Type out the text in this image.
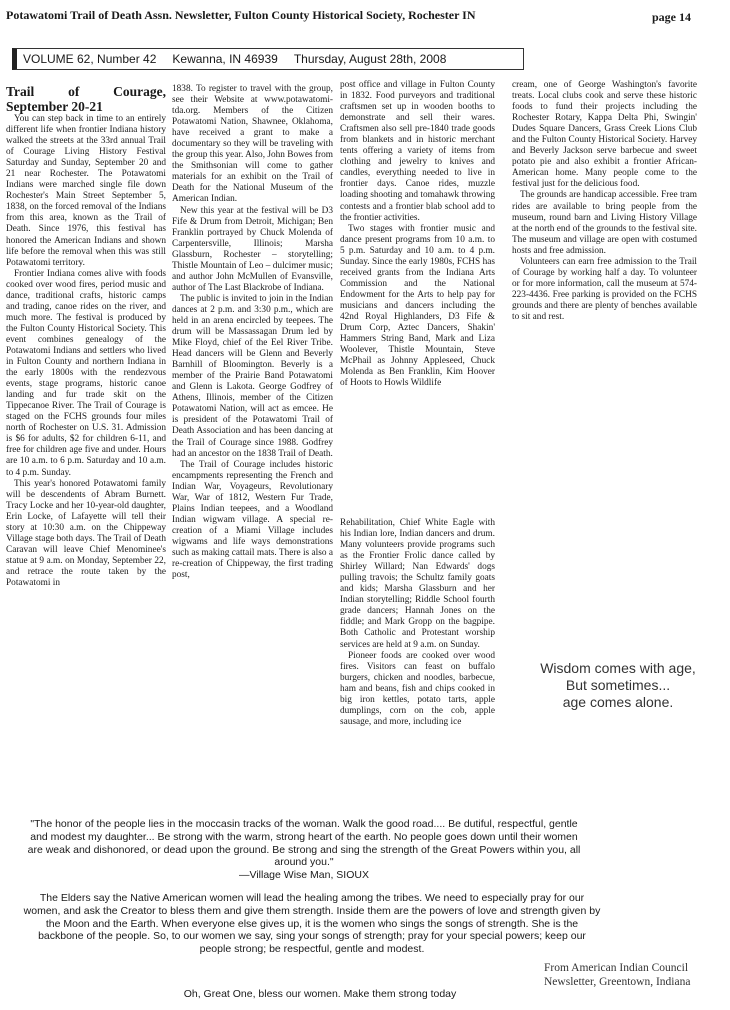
Potawatomi Trail of Death Assn. Newsletter, Fulton County Historical Society, Rochester IN	page 14
VOLUME 62, Number 42 Kewanna, IN 46939 Thursday, August 28th, 2008

Trail of Courage, September 20-21

You can step back in time to an entirely different life when frontier Indiana history walked the streets at the 33rd annual Trail of Courage Living History Festival Saturday and Sunday, September 20 and 21 near Rochester. The Potawatomi Indians were marched single file down Rochester's Main Street September 5, 1838, on the forced removal of the Indians from this area, known as the Trail of Death. Since 1976, this festival has honored the American Indians and shown life before the removal when this was still Potawatomi territory.

Frontier Indiana comes alive with foods cooked over wood fires, period music and dance, traditional crafts, historic camps and trading, canoe rides on the river, and much more. The festival is produced by the Fulton County Historical Society. This event combines genealogy of the Potawatomi Indians and settlers who lived in Fulton County and northern Indiana in the early 1800s with the rendezvous events, stage programs, historic canoe landing and fur trade skit on the Tippecanoe River. The Trail of Courage is staged on the FCHS grounds four miles north of Rochester on U.S. 31. Admission is $6 for adults, $2 for children 6-11, and free for children age five and under. Hours are 10 a.m. to 6 p.m. Saturday and 10 a.m. to 4 p.m. Sunday.

This year's honored Potawatomi family will be descendents of Abram Burnett. Tracy Locke and her 10-year-old daughter, Erin Locke, of Lafayette will tell their story at 10:30 a.m. on the Chippeway Village stage both days. The Trail of Death Caravan will leave Chief Menominee's statue at 9 a.m. on Monday, September 22, and retrace the route taken by the Potawatomi in

1838. To register to travel with the group, see their Website at www.potawatomi-tda.org. Members of the Citizen Potawatomi Nation, Shawnee, Oklahoma, have received a grant to make a documentary so they will be traveling with the group this year. Also, John Bowes from the Smithsonian will come to gather materials for an exhibit on the Trail of Death for the National Museum of the American Indian.

New this year at the festival will be D3 Fife & Drum from Detroit, Michigan; Ben Franklin portrayed by Chuck Molenda of Carpentersville, Illinois; Marsha Glassburn, Rochester – storytelling; Thistle Mountain of Leo – dulcimer music; and author John McMullen of Evansville, author of The Last Blackrobe of Indiana.

The public is invited to join in the Indian dances at 2 p.m. and 3:30 p.m., which are held in an arena encircled by teepees. The drum will be Massassagan Drum led by Mike Floyd, chief of the Eel River Tribe. Head dancers will be Glenn and Beverly Barnhill of Bloomington. Beverly is a member of the Prairie Band Potawatomi and Glenn is Lakota. George Godfrey of Athens, Illinois, member of the Citizen Potawatomi Nation, will act as emcee. He is president of the Potawatomi Trail of Death Association and has been dancing at the Trail of Courage since 1988. Godfrey had an ancestor on the 1838 Trail of Death.

The Trail of Courage includes historic encampments representing the French and Indian War, Voyageurs, Revolutionary War, War of 1812, Western Fur Trade, Plains Indian teepees, and a Woodland Indian wigwam village. A special re-creation of a Miami Village includes wigwams and life ways demonstrations such as making cattail mats. There is also a re-creation of Chippeway, the first trading post,

post office and village in Fulton County in 1832. Food purveyors and traditional craftsmen set up in wooden booths to demonstrate and sell their wares. Craftsmen also sell pre-1840 trade goods from blankets and in historic merchant tents offering a variety of items from clothing and jewelry to knives and candles, everything needed to live in frontier days. Canoe rides, muzzle loading shooting and tomahawk throwing contests and a frontier blab school add to the frontier activities.

Two stages with frontier music and dance present programs from 10 a.m. to 5 p.m. Saturday and 10 a.m. to 4 p.m. Sunday. Since the early 1980s, FCHS has received grants from the Indiana Arts Commission and the National Endowment for the Arts to help pay for musicians and dancers including the 42nd Royal Highlanders, D3 Fife & Drum Corp, Aztec Dancers, Shakin' Hammers String Band, Mark and Liza Woolever, Thistle Mountain, Steve McPhail as Johnny Appleseed, Chuck Molenda as Ben Franklin, Kim Hoover of Hoots to Howls Wildlife

Rehabilitation, Chief White Eagle with his Indian lore, Indian dancers and drum. Many volunteers provide programs such as the Frontier Frolic dance called by Shirley Willard; Nan Edwards' dogs pulling travois; the Schultz family goats and kids; Marsha Glassburn and her Indian storytelling; Riddle School fourth grade dancers; Hannah Jones on the fiddle; and Mark Gropp on the bagpipe. Both Catholic and Protestant worship services are held at 9 a.m. on Sunday.

Pioneer foods are cooked over wood fires. Visitors can feast on buffalo burgers, chicken and noodles, barbecue, ham and beans, fish and chips cooked in big iron kettles, potato tarts, apple dumplings, corn on the cob, apple sausage, and more, including ice

cream, one of George Washington's favorite treats. Local clubs cook and serve these historic foods to fund their projects including the Rochester Rotary, Kappa Delta Phi, Swingin' Dudes Square Dancers, Grass Creek Lions Club and the Fulton County Historical Society. Harvey and Beverly Jackson serve barbecue and sweet potato pie and also exhibit a frontier African-American home. Many people come to the festival just for the delicious food.

The grounds are handicap accessible. Free tram rides are available to bring people from the museum, round barn and Living History Village at the north end of the grounds to the festival site. The museum and village are open with costumed hosts and free admission.

Volunteers can earn free admission to the Trail of Courage by working half a day. To volunteer or for more information, call the museum at 574-223-4436. Free parking is provided on the FCHS grounds and there are plenty of benches available to sit and rest.

Wisdom comes with age,
But sometimes...
age comes alone.
"The honor of the people lies in the moccasin tracks of the woman. Walk the good road.... Be dutiful, respectful, gentle and modest my daughter... Be strong with the warm, strong heart of the earth. No people goes down until their women are weak and dishonored, or dead upon the ground. Be strong and sing the strength of the Great Powers within you, all around you."
—Village Wise Man, SIOUX
The Elders say the Native American women will lead the healing among the tribes. We need to especially pray for our women, and ask the Creator to bless them and give them strength. Inside them are the powers of love and strength given by the Moon and the Earth. When everyone else gives up, it is the women who sings the songs of strength. She is the backbone of the people. So, to our women we say, sing your songs of strength; pray for your special powers; keep our people strong; be respectful, gentle and modest.
Oh, Great One, bless our women. Make them strong today
From American Indian Council
Newsletter, Greentown, Indiana
